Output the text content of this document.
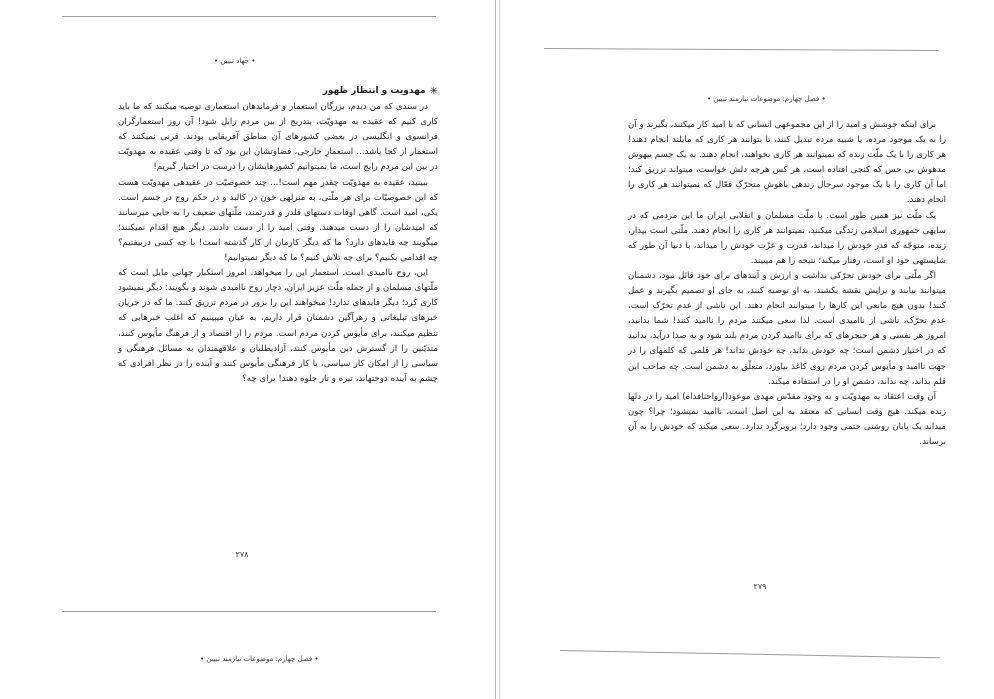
• جهاد تبیین •
✳
مهدویت و انتظار ظهور

در سندی که من دیدم، بزرگان استعمار و فرماندهان استعماری توصیه میکنند که ما باید کاری کنیم که عقیده به مهدویّت، بتدریج از بین مردم زایل شود! آن روز استعمارگران فرانسوی و انگلیسی در بعضی کشورهای آن مناطق آفریقایی بودند. قرنی نمیکنند که استعمار از کجا باشد... استعمارِ خارجی، فضاوتشان این بود که تا وقتی عقیده به مهدویّت در بین این مردم رایج است، ما نمیتوانیم کشورهایشان را درست در اختیار گیریم!

ببینید، عقیده به مهدویّت چقدر مهم است!... چند خصوصیّت در عقیدهی مهدویّت هست که این خصوصیّات برای هر ملّتی، به منزلهی خون در کالبد و در حکم روح در جسم است. یکی، امید است. گاهی اوقات دستهای قلدر و قدرتمند، ملّتهای ضعیف را به جایی میرسانند که امیدشان را از دست میدهند. وقتی امید را از دست دادند، دیگر هیچ اقدام نمیکنند؛ میگویند چه فایدهای دارد؟ ما که دیگر کارمان از کار گذشته است! با چه کسی دربیفتیم؟ چه اقدامی بکنیم؟ برای چه تلاش کنیم؟ ما که دیگر نمیتوانیم!

این، روح ناامیدی است. استعمار این را میخواهد. امروز استکبار جهانی مایل است که ملّتهای مسلمان و از جمله ملّت عزیز ایران، دچار روح ناامیدی شوند و بگویند: دیگر نمیشود کاری کرد؛ دیگر فایدهای ندارد! میخواهند این را بزور در مردم تزریق کنند. ما که در جریان خبرهای تبلیغاتی و زهرآگین دشمنان قرار داریم، به عیان میبینیم که اغلب خبرهایی که تنظیم میکنند، برای مأیوس کردن مردم است. مردم را از اقتصاد و از فرهنگ مأیوس کنند، متدیّنین را از گسترش دین مأیوس کنند، آزادیطلبان و علاقهمندان به مسائل فرهنگی و سیاسی را از امکان کار سیاسی، یا کار فرهنگی مأیوس کنند و آینده را در نظر افرادی که چشم به آینده دوختهاند، تیره و تار جلوه دهند! برای چه؟

۲۷۸
• فصل چهارم: موضوعات نیازمند تبیین •
• فصل چهارم: موضوعات نیازمند تبیین •

برای اینکه جوشش و امید را از این مجموعهی انسانی که با امید کار میکنند، بگیرند و آن را به یک موجود مرده، یا شبیه مرده تبدیل کنند، تا بتوانند هر کاری که مایلند انجام دهند! هر کاری را با یک ملّت زنده که نمیتوانند هر کاری بخواهند، انجام دهند. به یک جسم بیهوش مدهوش بی حس که کنجی افتاده است، هر کس هرچه دلش خواست، میتواند تزریق کند؛ اما آن کاری را با یک موجود سرحال زندهی باهوشِ متحرّکِ فعّال که نمیتوانند هر کاری را انجام دهند.

یک ملّت نیز همین طور است. با ملّت مسلمان و انقلابی ایران ما این مردمی که در سایهی جمهوری اسلامی زندگی میکنند، نمیتوانند هر کاری را انجام دهند. ملّتی است بیدار، زنده، متوجّه که قدر خودش را میداند، قدرت و عزّت خودش را میداند، با دنیا آن طور که شایستهی خود او است، رفتار میکند؛ نتیجه را هم میبیند.

اگر ملّتی برای خودش تحرّکی نداشت و ارزش و آیندهای برای خود قائل نبود، دشمنان میتوانند بیایند و برایش نقشه بکشند، به او توصیه کنند، به جای او تصمیم بگیرند و عمل کنند! بدون هیچ مانعی این کارها را میتوانند انجام دهند. این ناشی از عدم تحرّک است، عدم تحرّک، ناشی از ناامیدی است. لذا سعی میکنند مردم را ناامید کنند! شما بدانید، امروز هر نفسی و هر حنجرهای که برای ناامید کردن مردم بلند شود و به صدا درآید، بدانید که در اختیار دشمن است؛ چه خودش بداند، چه خودش نداند! هر قلمی که کلمهای را در جهت ناامید و مأیوس کردن مردم روی کاغذ بیاورد، متعلّق به دشمن است. چه صاحب این قلم بداند، چه نداند، دشمن او را در استفاده میکند.

آن وقت اعتقاد به مهدویّت و به وجود مقدّس مهدی موعود(ارواحنافداه) امید را در دلها زنده میکند. هیچ وقت انسانی که معتقد به این اصل است، ناامید نمیشود؛ چرا؟ چون میداند یک پایان روشنی حتمی وجود دارد؛ بروبرگرد ندارد. سعی میکند که خودش را به آن برساند.

۲۷۹
